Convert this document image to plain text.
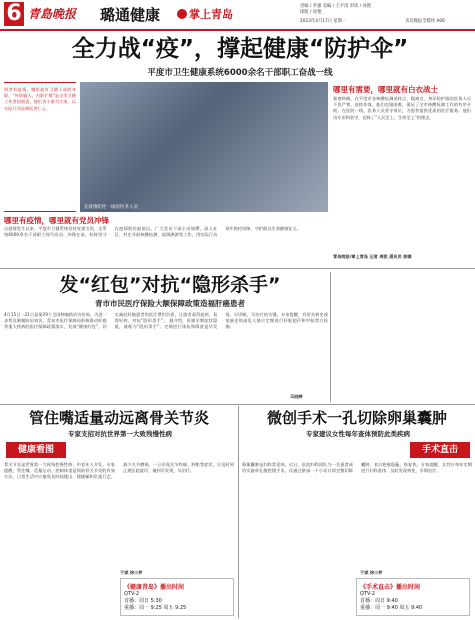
6 青島晚报 璐通健康	掌上青岛
责编 / 李强 美编 / 王平清 审读 / 孙艳
排版 / 孙艳
2023年4月17日 星期一	青岛晚报全媒体 A06
全力战“疫”，撑起健康“防护伞”
平度市卫生健康系统6000余名干部职工奋战一线
明者有疫情，哪里就有卫健干部的身影。“外防输入，内防扩散”是全市卫健工作者的职责，他们舍小家为大家，以实际行动诠释医者仁心。
在疫情防控一线的医务人员
哪里有需要，哪里就有白衣战士
春寒料峭，在平度市各核酸检测采样点、隔离点，身穿防护服的医务人员不畏严寒，连续作战。他们克服困难，保证了全市核酸检测工作的有序开展。在医院一线，医务人员坚守岗位，为患者提供优质的医疗服务。他们用专业和坚守，诠释了“人民至上、生命至上”的理念。
青岛晚报/掌上青岛 记者 周凯 通讯员 徐娜
哪里有疫情，哪里就有党员冲锋
自疫情发生以来，平度市卫健系统坚持党建引领，全系统6000余名干部职工闻令而动、冲锋在前，始终坚守在疫情防控最前沿。广大党员干部主动请缨，深入社区、村庄开展核酸检测、流调溯源等工作，用实际行动筑牢防控屏障，守护群众生命健康安全。
发“红包”对抗“隐形杀手”
青市市民医疗保险大额保障政策造福肝癌患者
4月15日一21日是第29个全国肿瘤防治宣传周。为进一步普及肿瘤防治知识，青岛市医疗保障局积极推动肝癌等重大疾病的医疗保障政策落实，发放“健康红包”，切实减轻肝癌患者的医疗费用负担，让患者看得起病、看得好病，对抗“隐形杀手”。 据介绍，肝癌早期症状隐匿，被称为“隐形杀手”。定期进行体检和筛查是早发现、早诊断、早治疗的关键。专家提醒，有肝炎病史或家族史的高危人群应定期进行肝脏超声和甲胎蛋白检测。
马晓婷
管住嘴适量动远离骨关节炎
专家支招对抗世界第一大致残慢性病
健康看图
骨关节炎是世界第一大致残性慢性病，中老年人多发。专家提醒，管住嘴、适量运动、控制体重是预防骨关节炎的有效方法。日常生活中应避免长时间爬山、爬楼梯和负重行走，减少关节磨损。一旦出现关节疼痛、肿胀等症状，应及时到正规医院就诊，做到早发现、早治疗。
于斌 徐小梦
《健康青岛》播出时间
QTV-2
首播：周日 5:30
重播：周一 9:25 周五 9:25
微创手术一孔切除卵巢囊肿
专家建议女性每年查体预防此类疾病
手术直击
卵巢囊肿是妇科常见病。近日，医院妇科团队为一名患者成功实施单孔腹腔镜手术，仅通过脐部一个小切口即完整切除囊肿，术后疤痕隐蔽，恢复快。专家提醒，女性应每年定期进行妇科查体，及时发现病变，早期治疗。
于斌 徐小梦
《手术直击》播出时间
QTV-2
首播：周日 9:40
重播：周一 9:40 周五 9:40
